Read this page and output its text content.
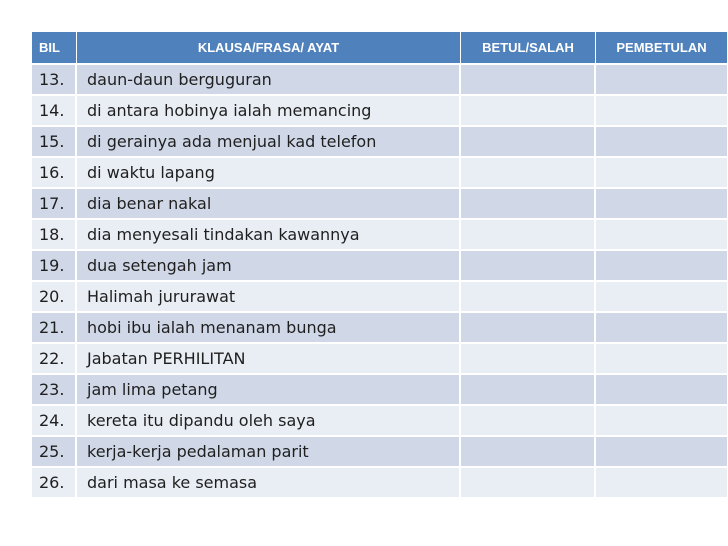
BIL	KLAUSA/FRASA/ AYAT	BETUL/SALAH	PEMBETULAN
13.	daun-daun berguguran		
14.	di antara hobinya ialah memancing		
15.	di gerainya ada menjual kad telefon		
16.	di waktu lapang		
17.	dia benar nakal		
18.	dia menyesali tindakan kawannya		
19.	dua setengah jam		
20.	Halimah jururawat		
21.	hobi ibu ialah menanam bunga		
22.	Jabatan PERHILITAN		
23.	jam lima petang		
24.	kereta itu dipandu oleh saya		
25.	kerja-kerja pedalaman parit		
26.	dari masa ke semasa		
